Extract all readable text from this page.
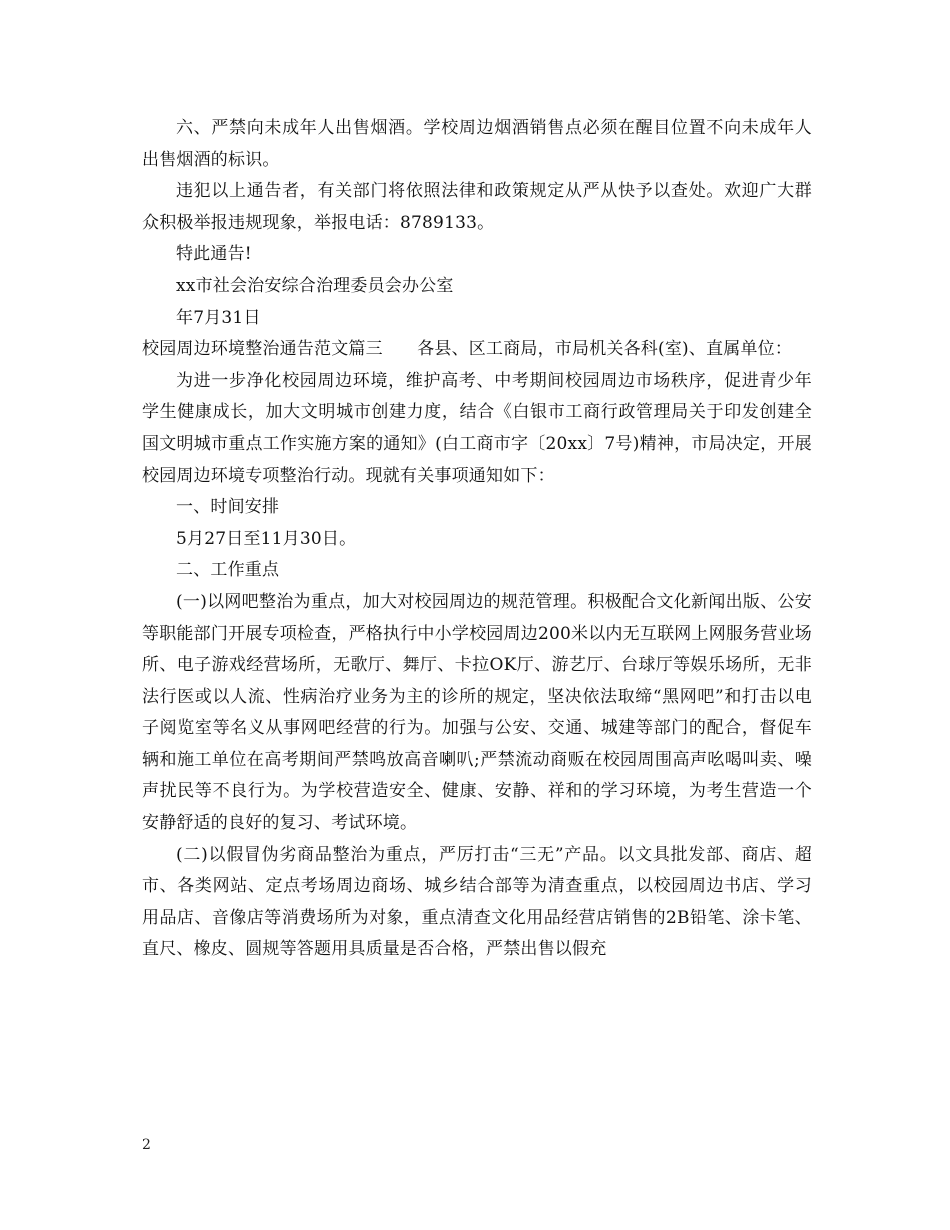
六、严禁向未成年人出售烟酒。学校周边烟酒销售点必须在醒目位置不向未成年人出售烟酒的标识。

违犯以上通告者，有关部门将依照法律和政策规定从严从快予以查处。欢迎广大群众积极举报违规现象，举报电话：8789133。

特此通告!

xx市社会治安综合治理委员会办公室

年7月31日

校园周边环境整治通告范文篇三　　各县、区工商局，市局机关各科(室)、直属单位：

为进一步净化校园周边环境，维护高考、中考期间校园周边市场秩序，促进青少年学生健康成长，加大文明城市创建力度，结合《白银市工商行政管理局关于印发创建全国文明城市重点工作实施方案的通知》(白工商市字〔20xx〕7号)精神，市局决定，开展校园周边环境专项整治行动。现就有关事项通知如下：

一、时间安排

5月27日至11月30日。

二、工作重点

(一)以网吧整治为重点，加大对校园周边的规范管理。积极配合文化新闻出版、公安等职能部门开展专项检查，严格执行中小学校园周边200米以内无互联网上网服务营业场所、电子游戏经营场所，无歌厅、舞厅、卡拉OK厅、游艺厅、台球厅等娱乐场所，无非法行医或以人流、性病治疗业务为主的诊所的规定，坚决依法取缔“黑网吧”和打击以电子阅览室等名义从事网吧经营的行为。加强与公安、交通、城建等部门的配合，督促车辆和施工单位在高考期间严禁鸣放高音喇叭;严禁流动商贩在校园周围高声吆喝叫卖、噪声扰民等不良行为。为学校营造安全、健康、安静、祥和的学习环境，为考生营造一个安静舒适的良好的复习、考试环境。

(二)以假冒伪劣商品整治为重点，严厉打击“三无”产品。以文具批发部、商店、超市、各类网站、定点考场周边商场、城乡结合部等为清查重点，以校园周边书店、学习用品店、音像店等消费场所为对象，重点清查文化用品经营店销售的2B铅笔、涂卡笔、直尺、橡皮、圆规等答题用具质量是否合格，严禁出售以假充

2
